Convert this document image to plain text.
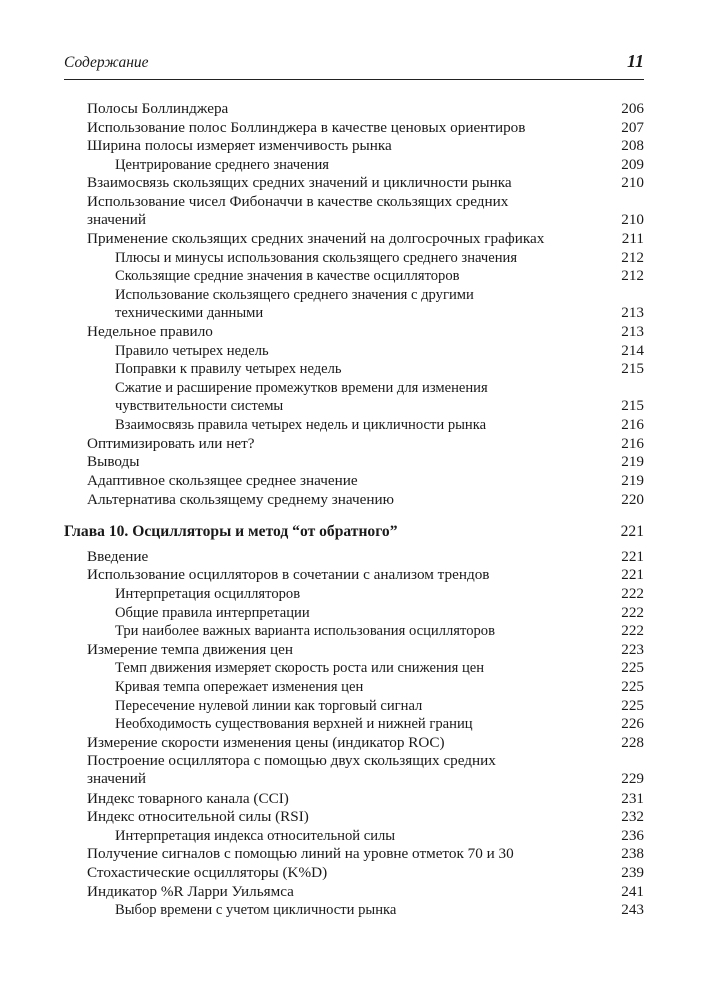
Содержание	11
Полосы Боллинджера	206
Использование полос Боллинджера в качестве ценовых ориентиров	207
Ширина полосы измеряет изменчивость рынка	208
Центрирование среднего значения	209
Взаимосвязь скользящих средних значений и цикличности рынка	210
Использование чисел Фибоначчи в качестве скользящих средних
значений	210
Применение скользящих средних значений на долгосрочных графиках	211
Плюсы и минусы использования скользящего среднего значения	212
Скользящие средние значения в качестве осцилляторов	212
Использование скользящего среднего значения с другими
техническими данными	213
Недельное правило	213
Правило четырех недель	214
Поправки к правилу четырех недель	215
Сжатие и расширение промежутков времени для изменения
чувствительности системы	215
Взаимосвязь правила четырех недель и цикличности рынка	216
Оптимизировать или нет?	216
Выводы	219
Адаптивное скользящее среднее значение	219
Альтернатива скользящему среднему значению	220
Глава 10. Осцилляторы и метод “от обратного”	221
Введение	221
Использование осцилляторов в сочетании с анализом трендов	221
Интерпретация осцилляторов	222
Общие правила интерпретации	222
Три наиболее важных варианта использования осцилляторов	222
Измерение темпа движения цен	223
Темп движения измеряет скорость роста или снижения цен	225
Кривая темпа опережает изменения цен	225
Пересечение нулевой линии как торговый сигнал	225
Необходимость существования верхней и нижней границ	226
Измерение скорости изменения цены (индикатор ROC)	228
Построение осциллятора с помощью двух скользящих средних
значений	229
Индекс товарного канала (CCI)	231
Индекс относительной силы (RSI)	232
Интерпретация индекса относительной силы	236
Получение сигналов с помощью линий на уровне отметок 70 и 30	238
Стохастические осцилляторы (K%D)	239
Индикатор %R Ларри Уильямса	241
Выбор времени с учетом цикличности рынка	243
